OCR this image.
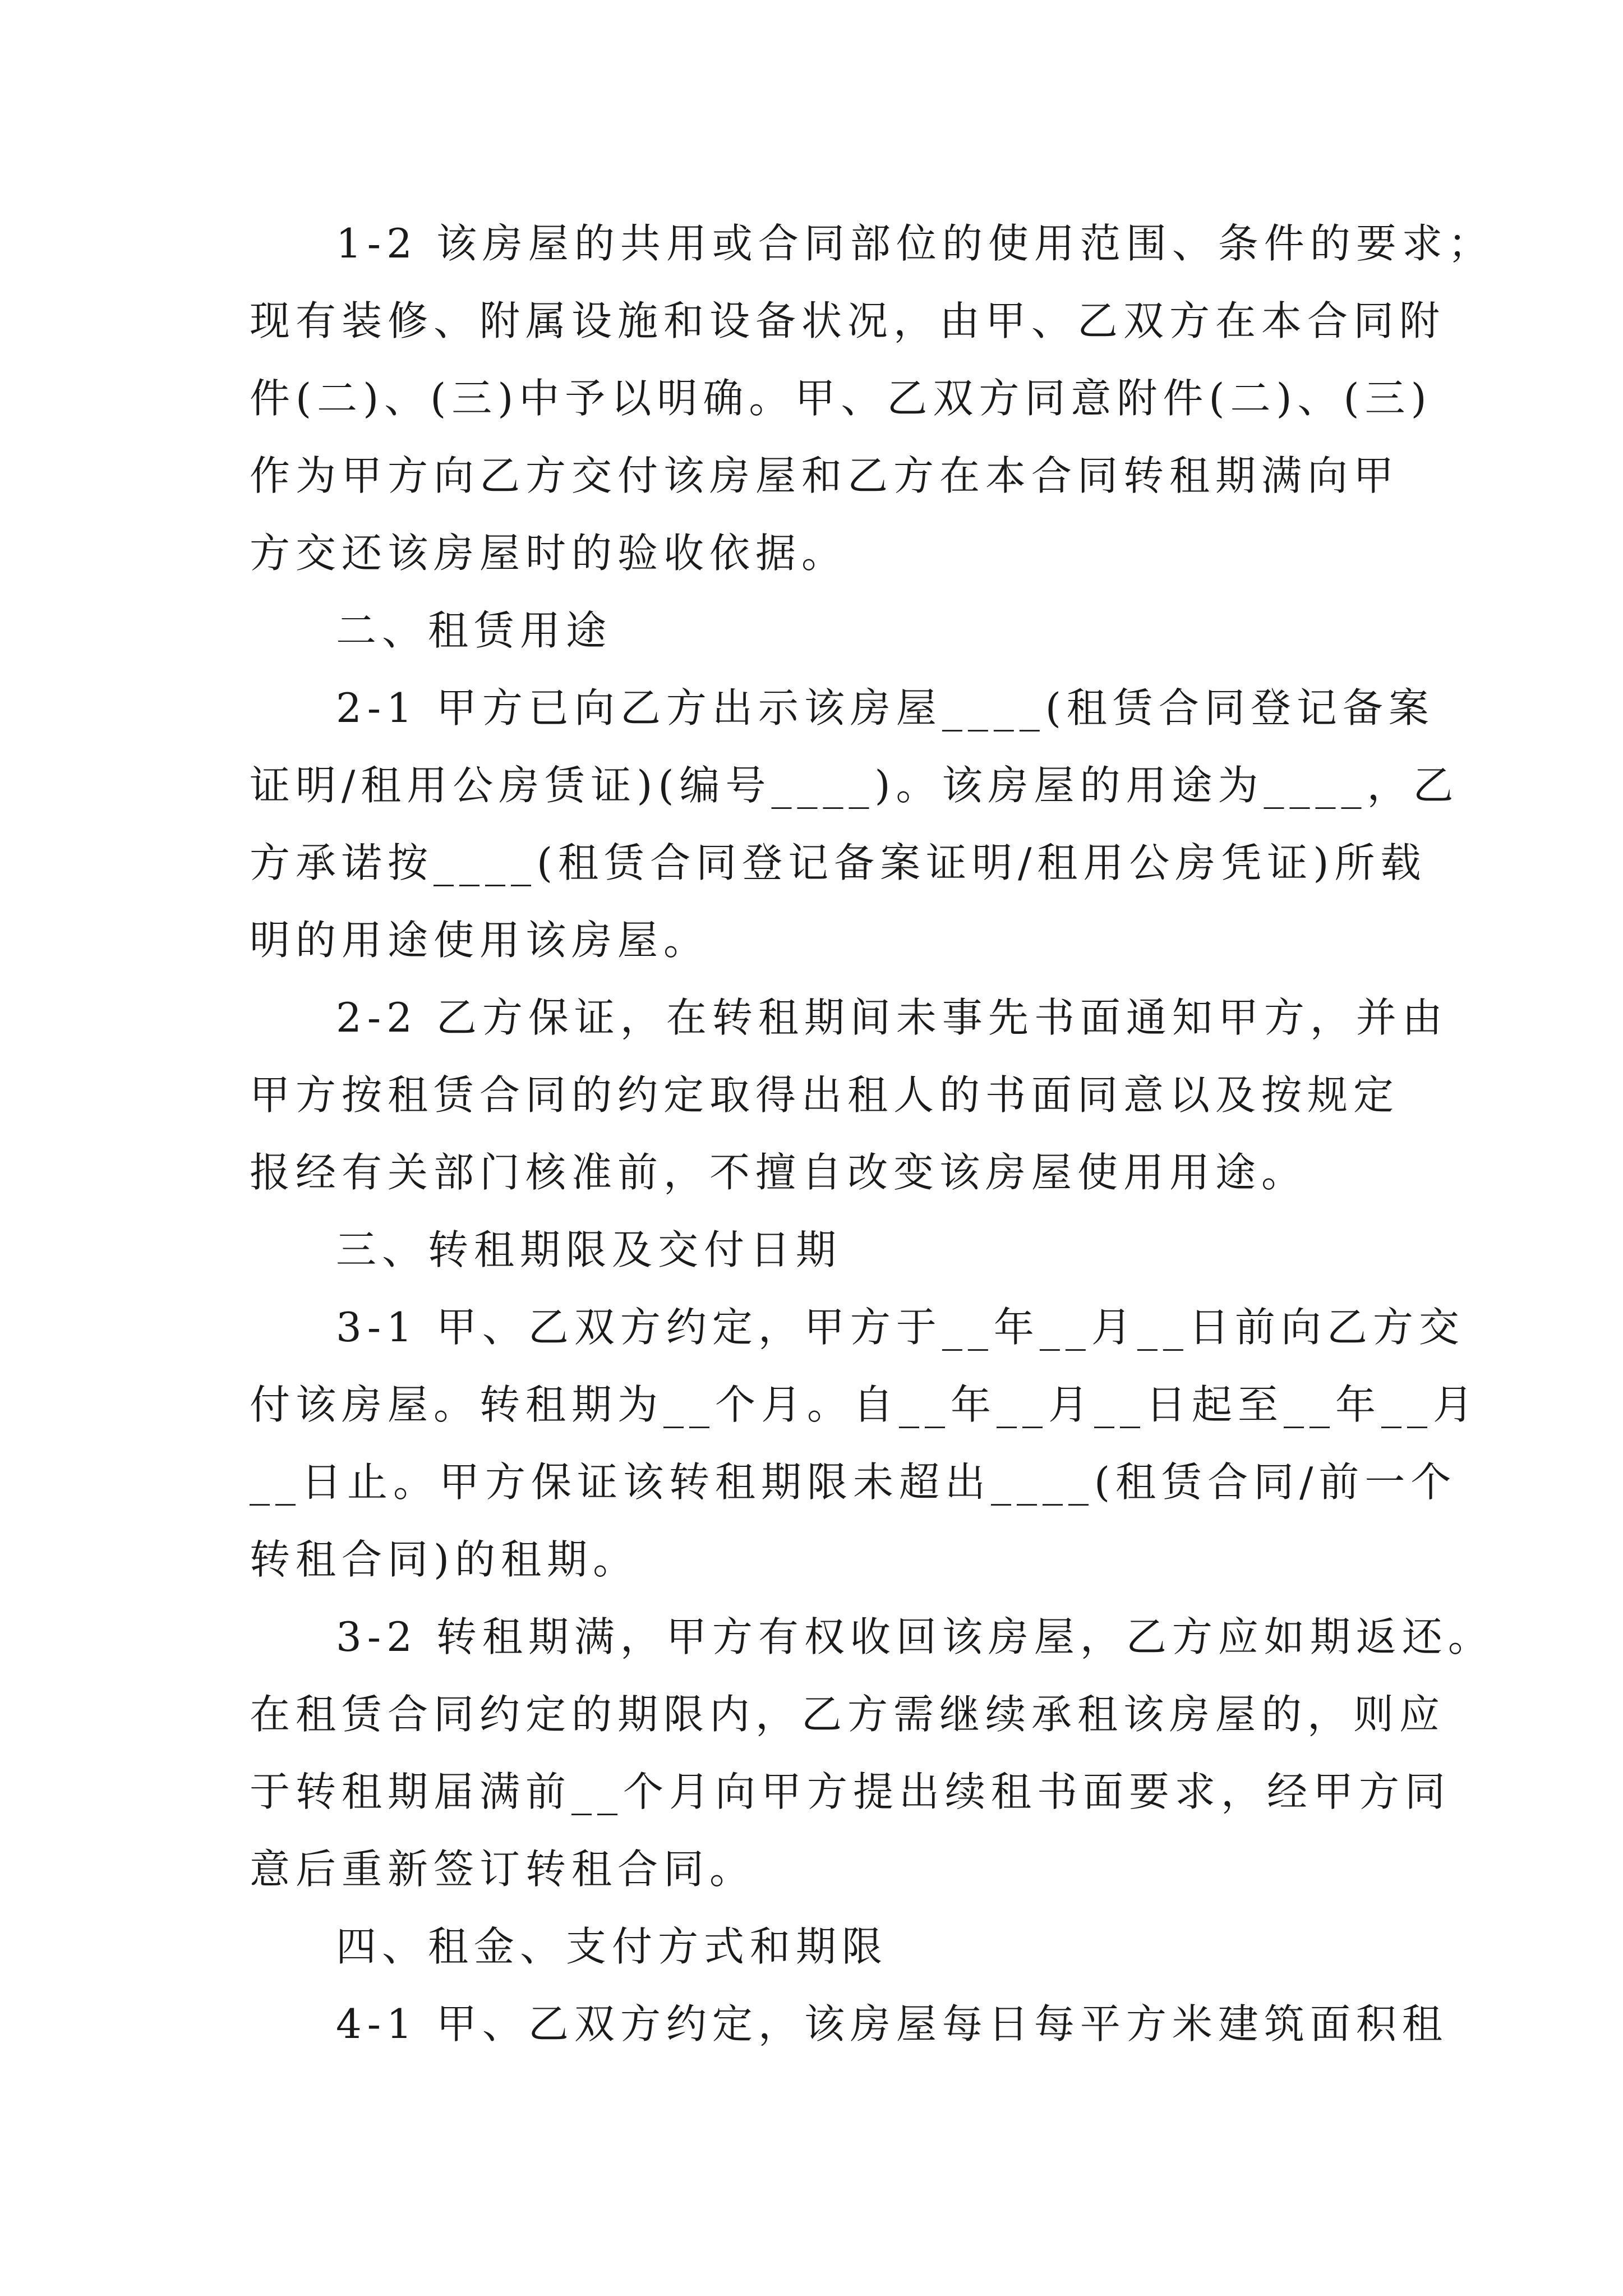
1-2 该房屋的共用或合同部位的使用范围、条件的要求；
现有装修、附属设施和设备状况，由甲、乙双方在本合同附
件(二)、(三)中予以明确。甲、乙双方同意附件(二)、(三)
作为甲方向乙方交付该房屋和乙方在本合同转租期满向甲
方交还该房屋时的验收依据。
二、租赁用途
2-1 甲方已向乙方出示该房屋____(租赁合同登记备案
证明/租用公房赁证)(编号____)。该房屋的用途为____，乙
方承诺按____(租赁合同登记备案证明/租用公房凭证)所载
明的用途使用该房屋。
2-2 乙方保证，在转租期间未事先书面通知甲方，并由
甲方按租赁合同的约定取得出租人的书面同意以及按规定
报经有关部门核准前，不擅自改变该房屋使用用途。
三、转租期限及交付日期
3-1 甲、乙双方约定，甲方于__年__月__日前向乙方交
付该房屋。转租期为__个月。自__年__月__日起至__年__月
__日止。甲方保证该转租期限未超出____(租赁合同/前一个
转租合同)的租期。
3-2 转租期满，甲方有权收回该房屋，乙方应如期返还。
在租赁合同约定的期限内，乙方需继续承租该房屋的，则应
于转租期届满前__个月向甲方提出续租书面要求，经甲方同
意后重新签订转租合同。
四、租金、支付方式和期限
4-1 甲、乙双方约定，该房屋每日每平方米建筑面积租
